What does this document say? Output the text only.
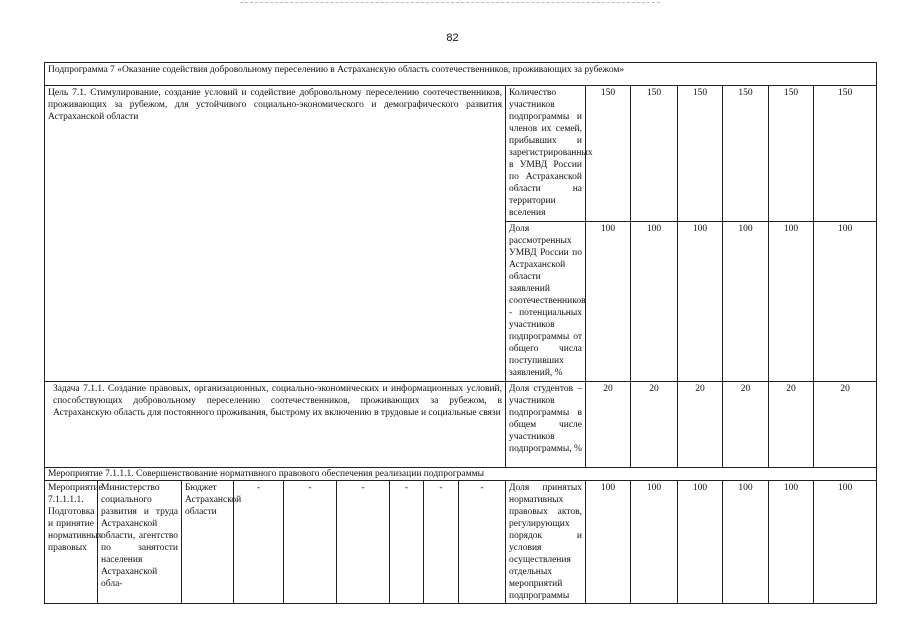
82
Подпрограмма 7 «Оказание содействия добровольному переселению в Астраханскую область соотечественников, проживающих за рубежом»															
Цель 7.1. Стимулирование, создание условий и содействие добровольному переселению соотечественников, проживающих за рубежом, для устойчивого социально-экономического и демографического развития Астраханской области									Количество участников подпрограммы и членов их семей, прибывших и зарегистрированных в УМВД России по Астраханской области на территории вселения	150	150	150	150	150	150
									Доля рассмотренных УМВД России по Астраханской области заявлений соотечественников - потенциальных участников подпрограммы от общего числа поступивших заявлений, %	100	100	100	100	100	100
Задача 7.1.1. Создание правовых, организационных, социально-экономических и информационных условий, способствующих добровольному переселению соотечественников, проживающих за рубежом, в Астраханскую область для постоянного проживания, быстрому их включению в трудовые и социальные связи									Доля студентов – участников подпрограммы в общем числе участников подпрограммы, %	20	20	20	20	20	20
Мероприятие 7.1.1.1. Совершенствование нормативного правового обеспечения реализации подпрограммы															
Мероприятие 7.1.1.1.1. Подготовка и принятие нормативных правовых	Министерство социального развития и труда Астраханской области, агентство по занятости населения Астраханской обла-	Бюджет Астраханской области	-	-	-	-	-	-	Доля принятых нормативных правовых актов, регулирующих порядок и условия осуществления отдельных мероприятий подпрограммы	100	100	100	100	100	100
